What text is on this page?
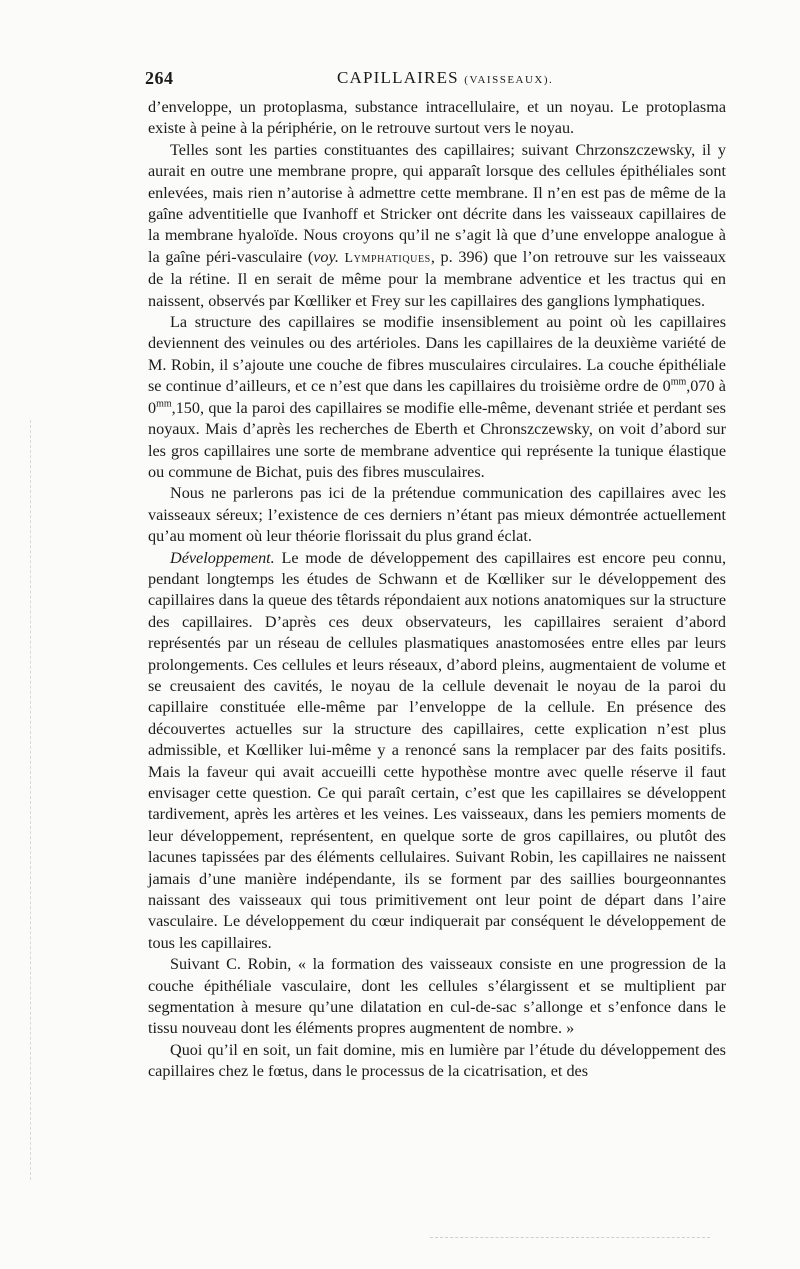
264	CAPILLAIRES (VAISSEAUX).

d’enveloppe, un protoplasma, substance intracellulaire, et un noyau. Le protoplasma existe à peine à la périphérie, on le retrouve surtout vers le noyau.

Telles sont les parties constituantes des capillaires; suivant Chrzonszczewsky, il y aurait en outre une membrane propre, qui apparaît lorsque des cellules épithéliales sont enlevées, mais rien n’autorise à admettre cette membrane. Il n’en est pas de même de la gaîne adventitielle que Ivanhoff et Stricker ont décrite dans les vaisseaux capillaires de la membrane hyaloïde. Nous croyons qu’il ne s’agit là que d’une enveloppe analogue à la gaîne péri-vasculaire (voy. Lymphatiques, p. 396) que l’on retrouve sur les vaisseaux de la rétine. Il en serait de même pour la membrane adventice et les tractus qui en naissent, observés par Kœlliker et Frey sur les capillaires des ganglions lymphatiques.

La structure des capillaires se modifie insensiblement au point où les capillaires deviennent des veinules ou des artérioles. Dans les capillaires de la deuxième variété de M. Robin, il s’ajoute une couche de fibres musculaires circulaires. La couche épithéliale se continue d’ailleurs, et ce n’est que dans les capillaires du troisième ordre de $0^{mm},070$ à $0^{mm},150$, que la paroi des capillaires se modifie elle-même, devenant striée et perdant ses noyaux. Mais d’après les recherches de Eberth et Chronszczewsky, on voit d’abord sur les gros capillaires une sorte de membrane adventice qui représente la tunique élastique ou commune de Bichat, puis des fibres musculaires.

Nous ne parlerons pas ici de la prétendue communication des capillaires avec les vaisseaux séreux; l’existence de ces derniers n’étant pas mieux démontrée actuellement qu’au moment où leur théorie florissait du plus grand éclat.

Développement. Le mode de développement des capillaires est encore peu connu, pendant longtemps les études de Schwann et de Kœlliker sur le développement des capillaires dans la queue des têtards répondaient aux notions anatomiques sur la structure des capillaires. D’après ces deux observateurs, les capillaires seraient d’abord représentés par un réseau de cellules plasmatiques anastomosées entre elles par leurs prolongements. Ces cellules et leurs réseaux, d’abord pleins, augmentaient de volume et se creusaient des cavités, le noyau de la cellule devenait le noyau de la paroi du capillaire constituée elle-même par l’enveloppe de la cellule. En présence des découvertes actuelles sur la structure des capillaires, cette explication n’est plus admissible, et Kœlliker lui-même y a renoncé sans la remplacer par des faits positifs. Mais la faveur qui avait accueilli cette hypothèse montre avec quelle réserve il faut envisager cette question. Ce qui paraît certain, c’est que les capillaires se développent tardivement, après les artères et les veines. Les vaisseaux, dans les pemiers moments de leur développement, représentent, en quelque sorte de gros capillaires, ou plutôt des lacunes tapissées par des éléments cellulaires. Suivant Robin, les capillaires ne naissent jamais d’une manière indépendante, ils se forment par des saillies bourgeonnantes naissant des vaisseaux qui tous primitivement ont leur point de départ dans l’aire vasculaire. Le développement du cœur indiquerait par conséquent le développement de tous les capillaires.

Suivant C. Robin, « la formation des vaisseaux consiste en une progression de la couche épithéliale vasculaire, dont les cellules s’élargissent et se multiplient par segmentation à mesure qu’une dilatation en cul-de-sac s’allonge et s’enfonce dans le tissu nouveau dont les éléments propres augmentent de nombre. »

Quoi qu’il en soit, un fait domine, mis en lumière par l’étude du développement des capillaires chez le fœtus, dans le processus de la cicatrisation, et des
